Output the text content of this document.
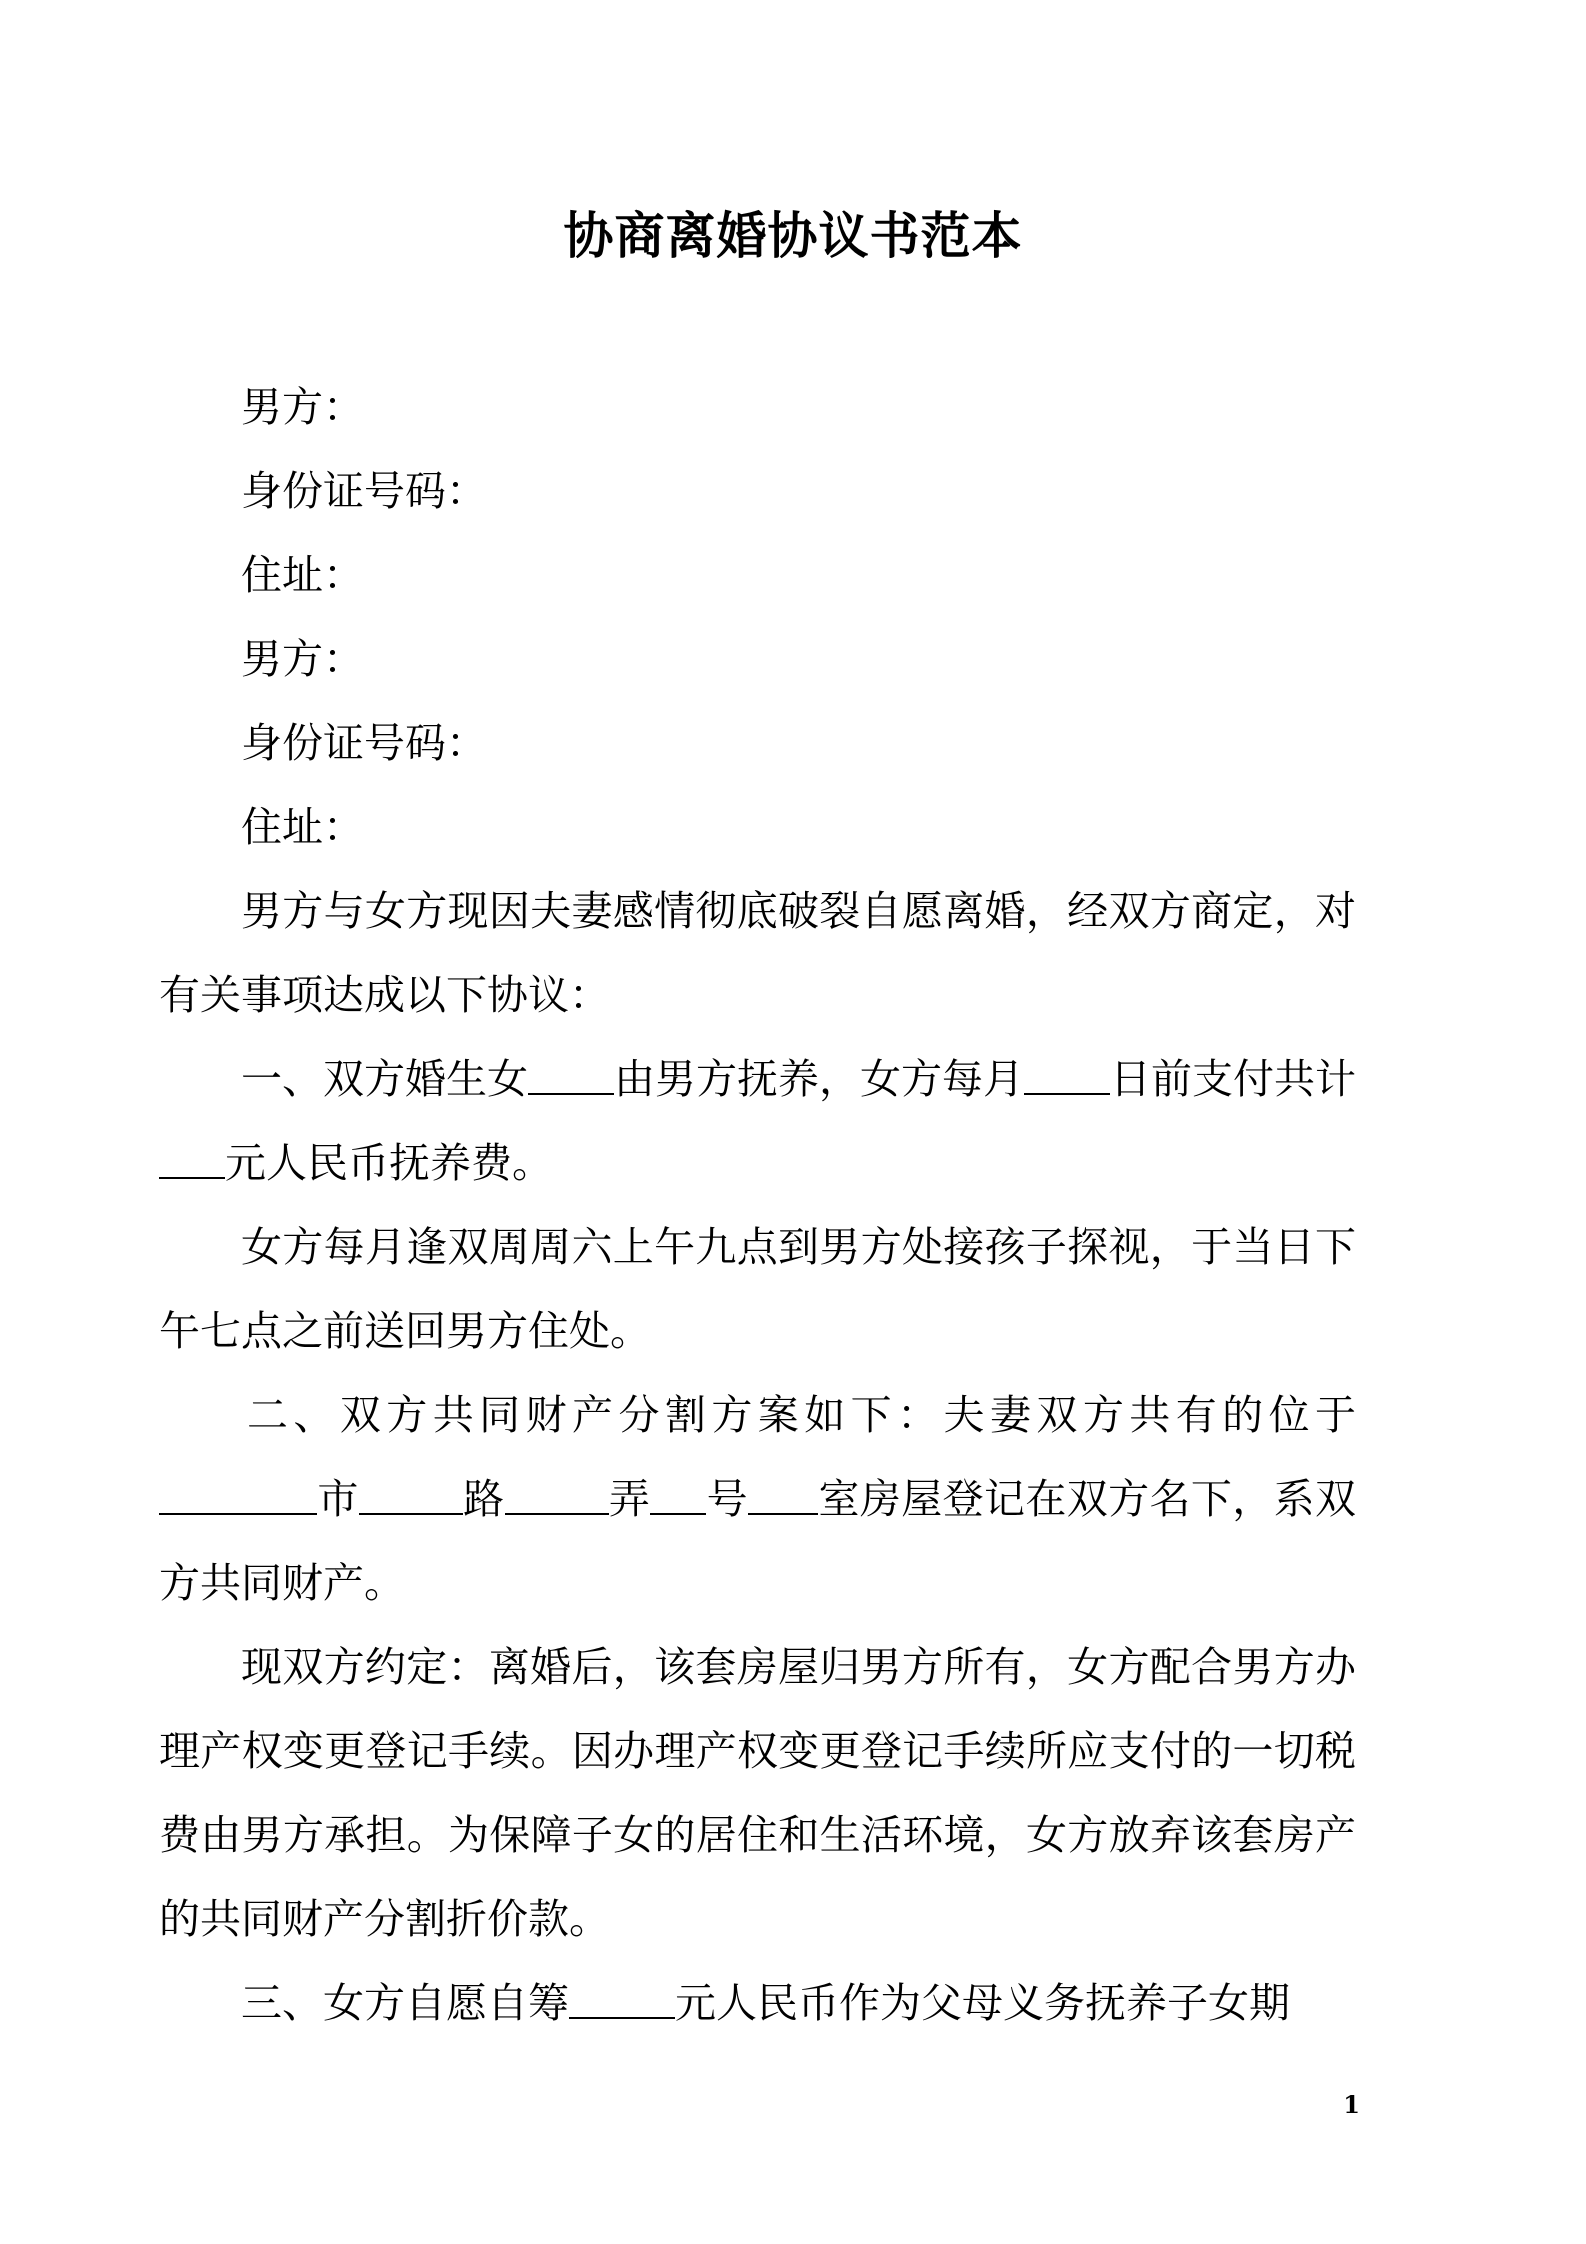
协商离婚协议书范本

男方：

身份证号码：

住址：

男方：

身份证号码：

住址：

男方与女方现因夫妻感情彻底破裂自愿离婚，经双方商定，对有关事项达成以下协议：

一、双方婚生女 由男方抚养，女方每月 日前支付共计元人民币抚养费。

女方每月逢双周周六上午九点到男方处接孩子探视，于当日下午七点之前送回男方住处。

二、双方共同财产分割方案如下：夫妻双方共有的位于市	路	弄 号 室房屋登记在双方名下，系双方共同财产。

现双方约定：离婚后，该套房屋归男方所有，女方配合男方办理产权变更登记手续。因办理产权变更登记手续所应支付的一切税费由男方承担。为保障子女的居住和生活环境，女方放弃该套房产的共同财产分割折价款。

三、女方自愿自筹	元人民币作为父母义务抚养子女期

1
